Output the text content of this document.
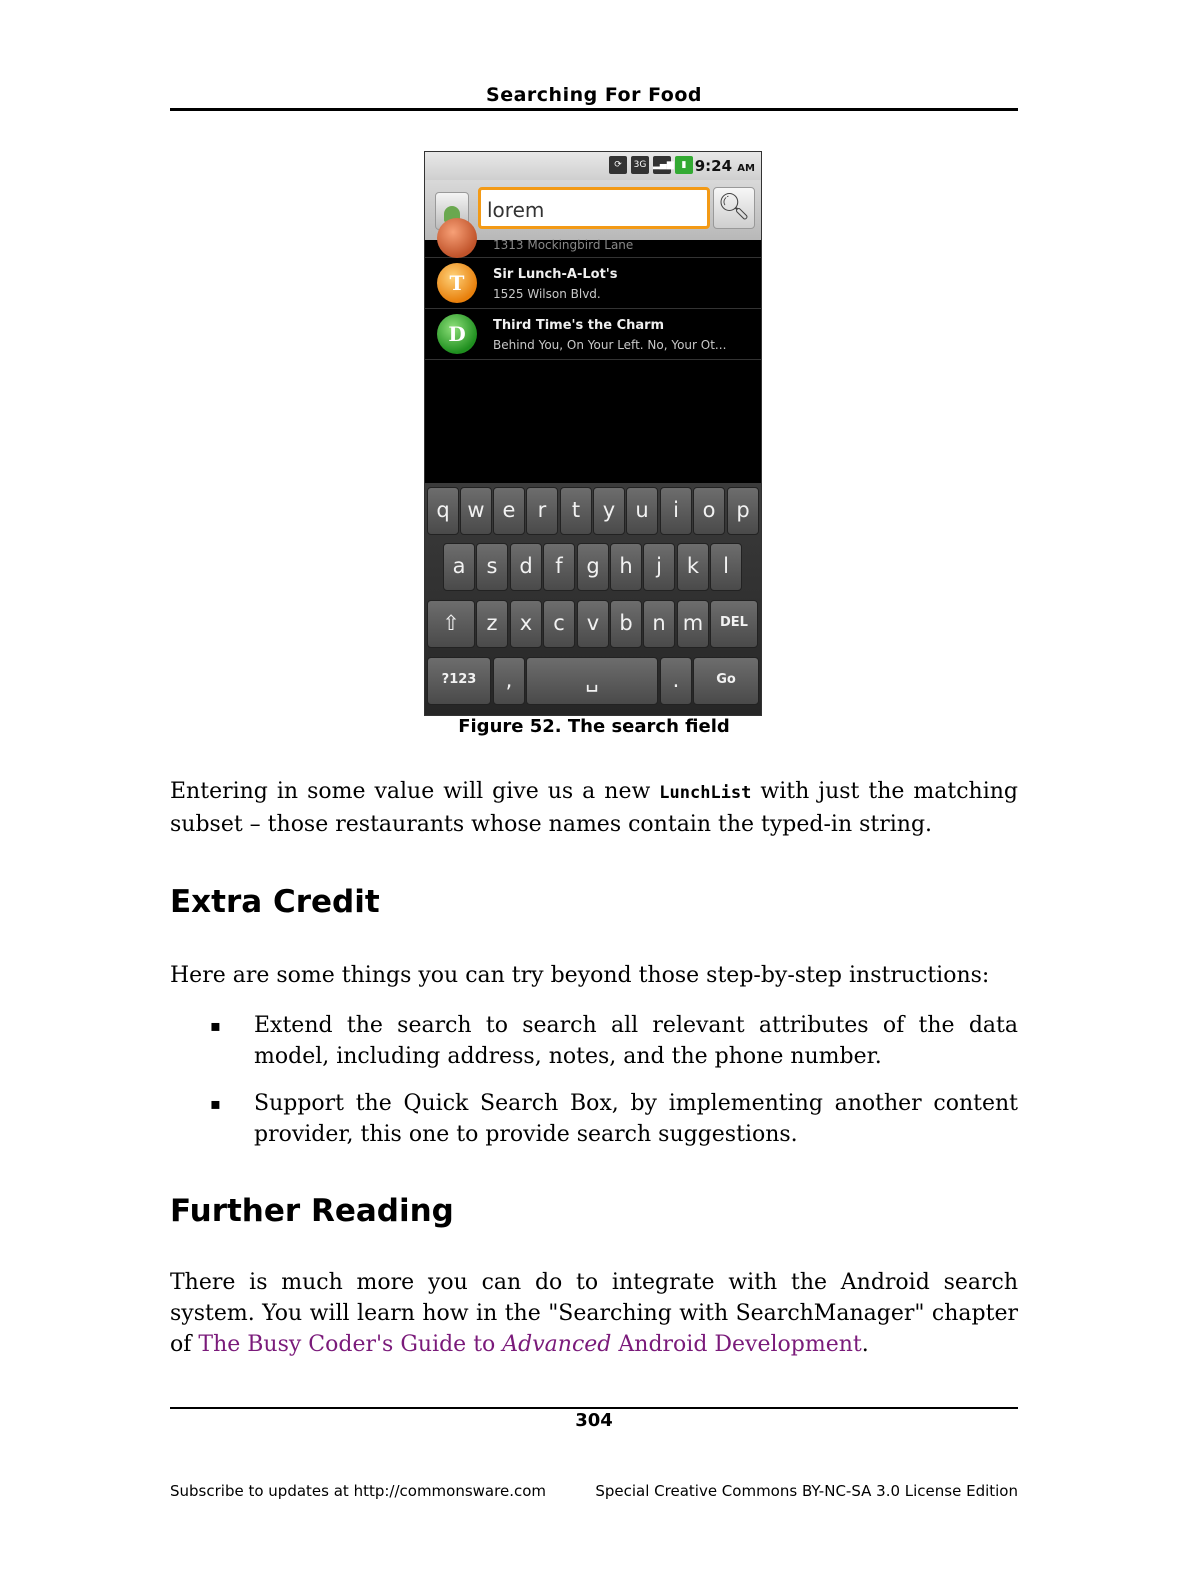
Searching For Food
⟳	3G ▂▄▆ ▮ 9:24 AM
lorem	🔍︎
1313 Mockingbird Lane
T	Sir Lunch-A-Lot's
1525 Wilson Blvd.
D	Third Time's the Charm
Behind You, On Your Left. No, Your Ot...
q w e	r	t	y u	i	o p
a	s	d	f	g h	j	k	l
⇧	z	x	c	v b n m	DEL
?123	,	␣	.	Go
Figure 52. The search field
Entering in some value will give us a new LunchList with just the matching subset – those restaurants whose names contain the typed-in string.
Extra Credit
Here are some things you can try beyond those step-by-step instructions:
▪ Extend the search to search all relevant attributes of the data model, including address, notes, and the phone number.
▪ Support the Quick Search Box, by implementing another content provider, this one to provide search suggestions.
Further Reading
There is much more you can do to integrate with the Android search system. You will learn how in the "Searching with SearchManager" chapter of The Busy Coder's Guide to Advanced Android Development.
304
Subscribe to updates at http://commonsware.com	Special Creative Commons BY-NC-SA 3.0 License Edition
